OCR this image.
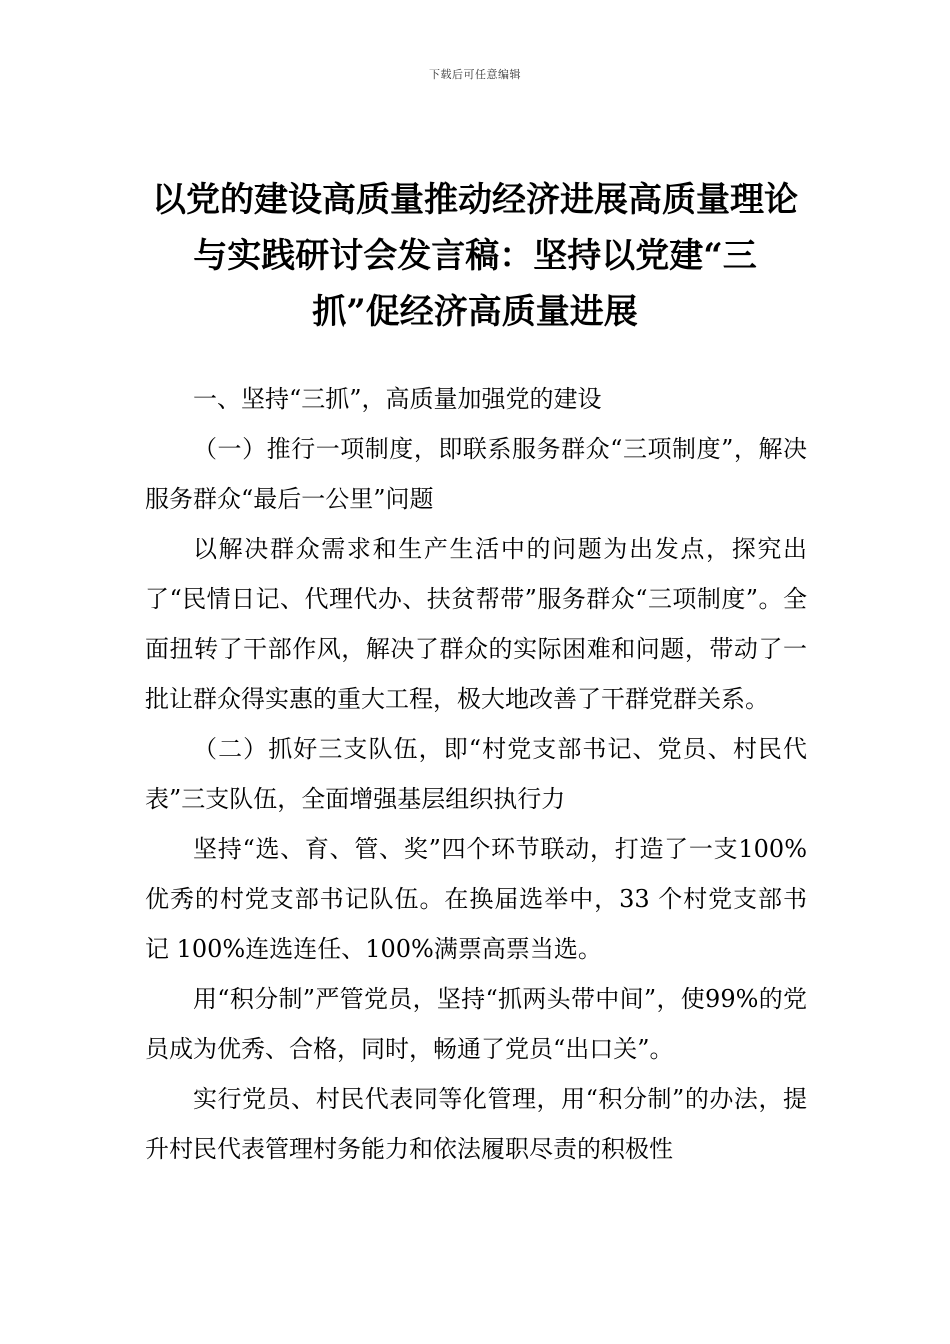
下载后可任意编辑
以党的建设高质量推动经济进展高质量理论与实践研讨会发言稿：坚持以党建“三抓”促经济高质量进展

一、坚持“三抓”，高质量加强党的建设

（一）推行一项制度，即联系服务群众“三项制度”，解决服务群众“最后一公里”问题

以解决群众需求和生产生活中的问题为出发点，探究出了“民情日记、代理代办、扶贫帮带”服务群众“三项制度”。全面扭转了干部作风，解决了群众的实际困难和问题，带动了一批让群众得实惠的重大工程，极大地改善了干群党群关系。

（二）抓好三支队伍，即“村党支部书记、党员、村民代表”三支队伍，全面增强基层组织执行力

坚持“选、育、管、奖”四个环节联动，打造了一支100%优秀的村党支部书记队伍。在换届选举中，33 个村党支部书记 100%连选连任、100%满票高票当选。

用“积分制”严管党员，坚持“抓两头带中间”，使99%的党员成为优秀、合格，同时，畅通了党员“出口关”。

实行党员、村民代表同等化管理，用“积分制”的办法，提升村民代表管理村务能力和依法履职尽责的积极性
